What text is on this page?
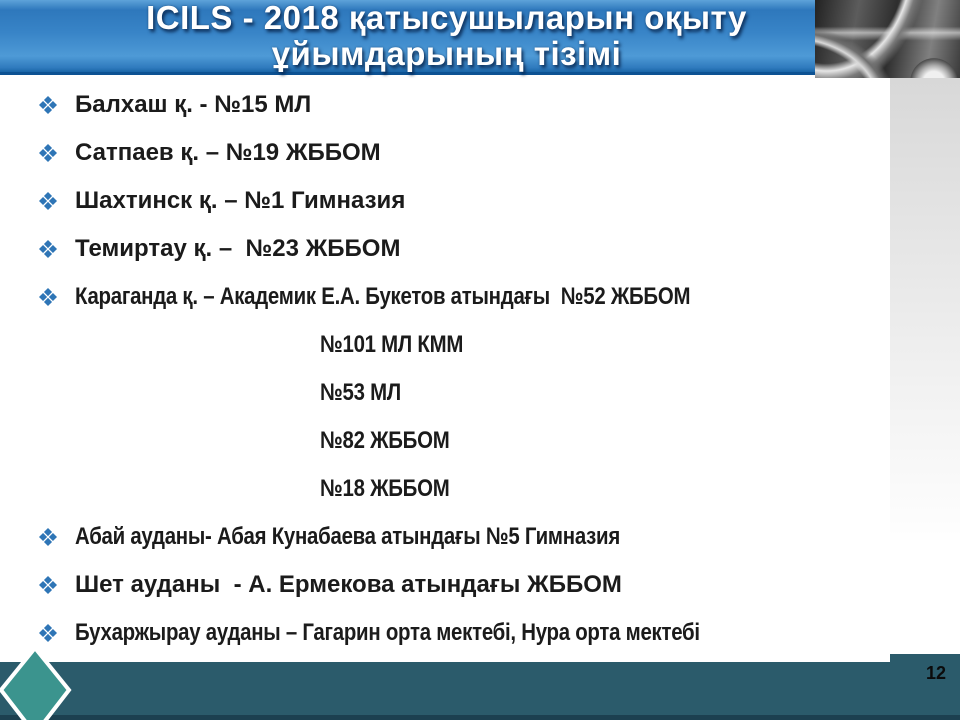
ICILS - 2018 қатысушыларын оқыту
ұйымдарының тізімі
Балхаш қ. - №15 МЛ
Сатпаев қ. – №19 ЖББОМ
Шахтинск қ. – №1 Гимназия
Темиртау қ. –  №23 ЖББОМ
Караганда қ. – Академик Е.А. Букетов атындағы  №52 ЖББОМ
№101 МЛ КММ
№53 МЛ
№82 ЖББОМ
№18 ЖББОМ
Абай ауданы- Абая Кунабаева атындағы №5 Гимназия
Шет ауданы  - А. Ермекова атындағы ЖББОМ
Бухаржырау ауданы – Гагарин орта мектебі, Нура орта мектебі
12
